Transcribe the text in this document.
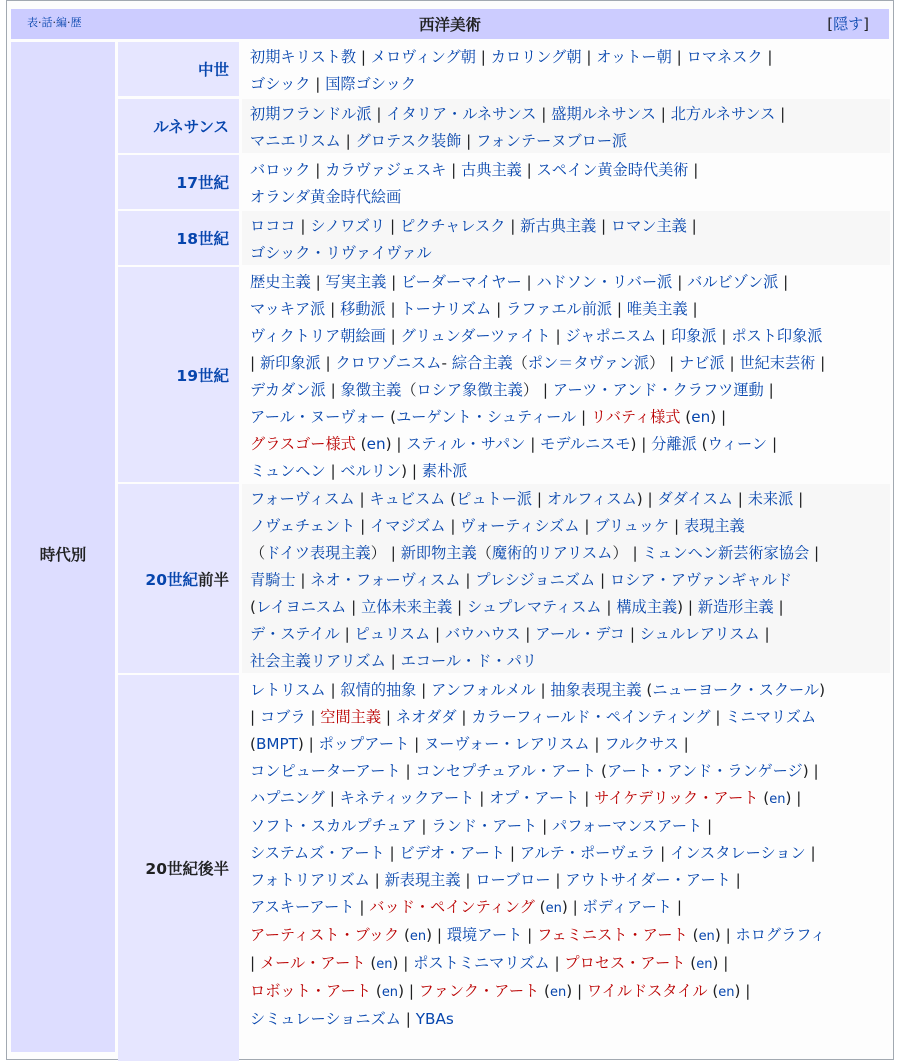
表·話·編·歴	西洋美術	[隠す]
時代別
中世
初期キリスト教 | メロヴィング朝 | カロリング朝 | オットー朝 | ロマネスク |
ゴシック | 国際ゴシック
ルネサンス
初期フランドル派 | イタリア・ルネサンス | 盛期ルネサンス | 北方ルネサンス |
マニエリスム | グロテスク装飾 | フォンテーヌブロー派
17世紀
バロック | カラヴァジェスキ | 古典主義 | スペイン黄金時代美術 |
オランダ黄金時代絵画
18世紀
ロココ | シノワズリ | ピクチャレスク | 新古典主義 | ロマン主義 |
ゴシック・リヴァイヴァル
19世紀
歴史主義 | 写実主義 | ビーダーマイヤー | ハドソン・リバー派 | バルビゾン派 |
マッキア派 | 移動派 | トーナリズム | ラファエル前派 | 唯美主義 |
ヴィクトリア朝絵画 | グリュンダーツァイト | ジャポニスム | 印象派 | ポスト印象派
| 新印象派 | クロワゾニスム- 綜合主義（ポン＝タヴァン派） | ナビ派 | 世紀末芸術 |
デカダン派 | 象徴主義（ロシア象徴主義） | アーツ・アンド・クラフツ運動 |
アール・ヌーヴォー (ユーゲント・シュティール | リバティ様式 (en) |
グラスゴー様式 (en) | スティル・サパン | モデルニスモ) | 分離派 (ウィーン |
ミュンヘン | ベルリン) | 素朴派
20世紀 前半
フォーヴィスム | キュビスム (ピュトー派 | オルフィスム) | ダダイスム | 未来派 |
ノヴェチェント | イマジズム | ヴォーティシズム | ブリュッケ | 表現主義
（ドイツ表現主義） | 新即物主義（魔術的リアリスム） | ミュンヘン新芸術家協会 |
青騎士 | ネオ・フォーヴィスム | プレシジョニズム | ロシア・アヴァンギャルド
(レイヨニスム | 立体未来主義 | シュプレマティスム | 構成主義) | 新造形主義 |
デ・ステイル | ピュリスム | バウハウス | アール・デコ | シュルレアリスム |
社会主義リアリズム | エコール・ド・パリ
20世紀後半
レトリスム | 叙情的抽象 | アンフォルメル | 抽象表現主義 (ニューヨーク・スクール)
| コブラ | 空間主義 | ネオダダ | カラーフィールド・ペインティング | ミニマリズム
(BMPT) | ポップアート | ヌーヴォー・レアリスム | フルクサス |
コンピューターアート | コンセプチュアル・アート (アート・アンド・ランゲージ) |
ハプニング | キネティックアート | オプ・アート | サイケデリック・アート (en) |
ソフト・スカルプチュア | ランド・アート | パフォーマンスアート |
システムズ・アート | ビデオ・アート | アルテ・ポーヴェラ | インスタレーション |
フォトリアリズム | 新表現主義 | ローブロー | アウトサイダー・アート |
アスキーアート | バッド・ペインティング (en) | ボディアート |
アーティスト・ブック (en) | 環境アート | フェミニスト・アート (en) | ホログラフィ
| メール・アート (en) | ポストミニマリズム | プロセス・アート (en) |
ロボット・アート (en) | ファンク・アート (en) | ワイルドスタイル (en) |
シミュレーショニズム | YBAs
